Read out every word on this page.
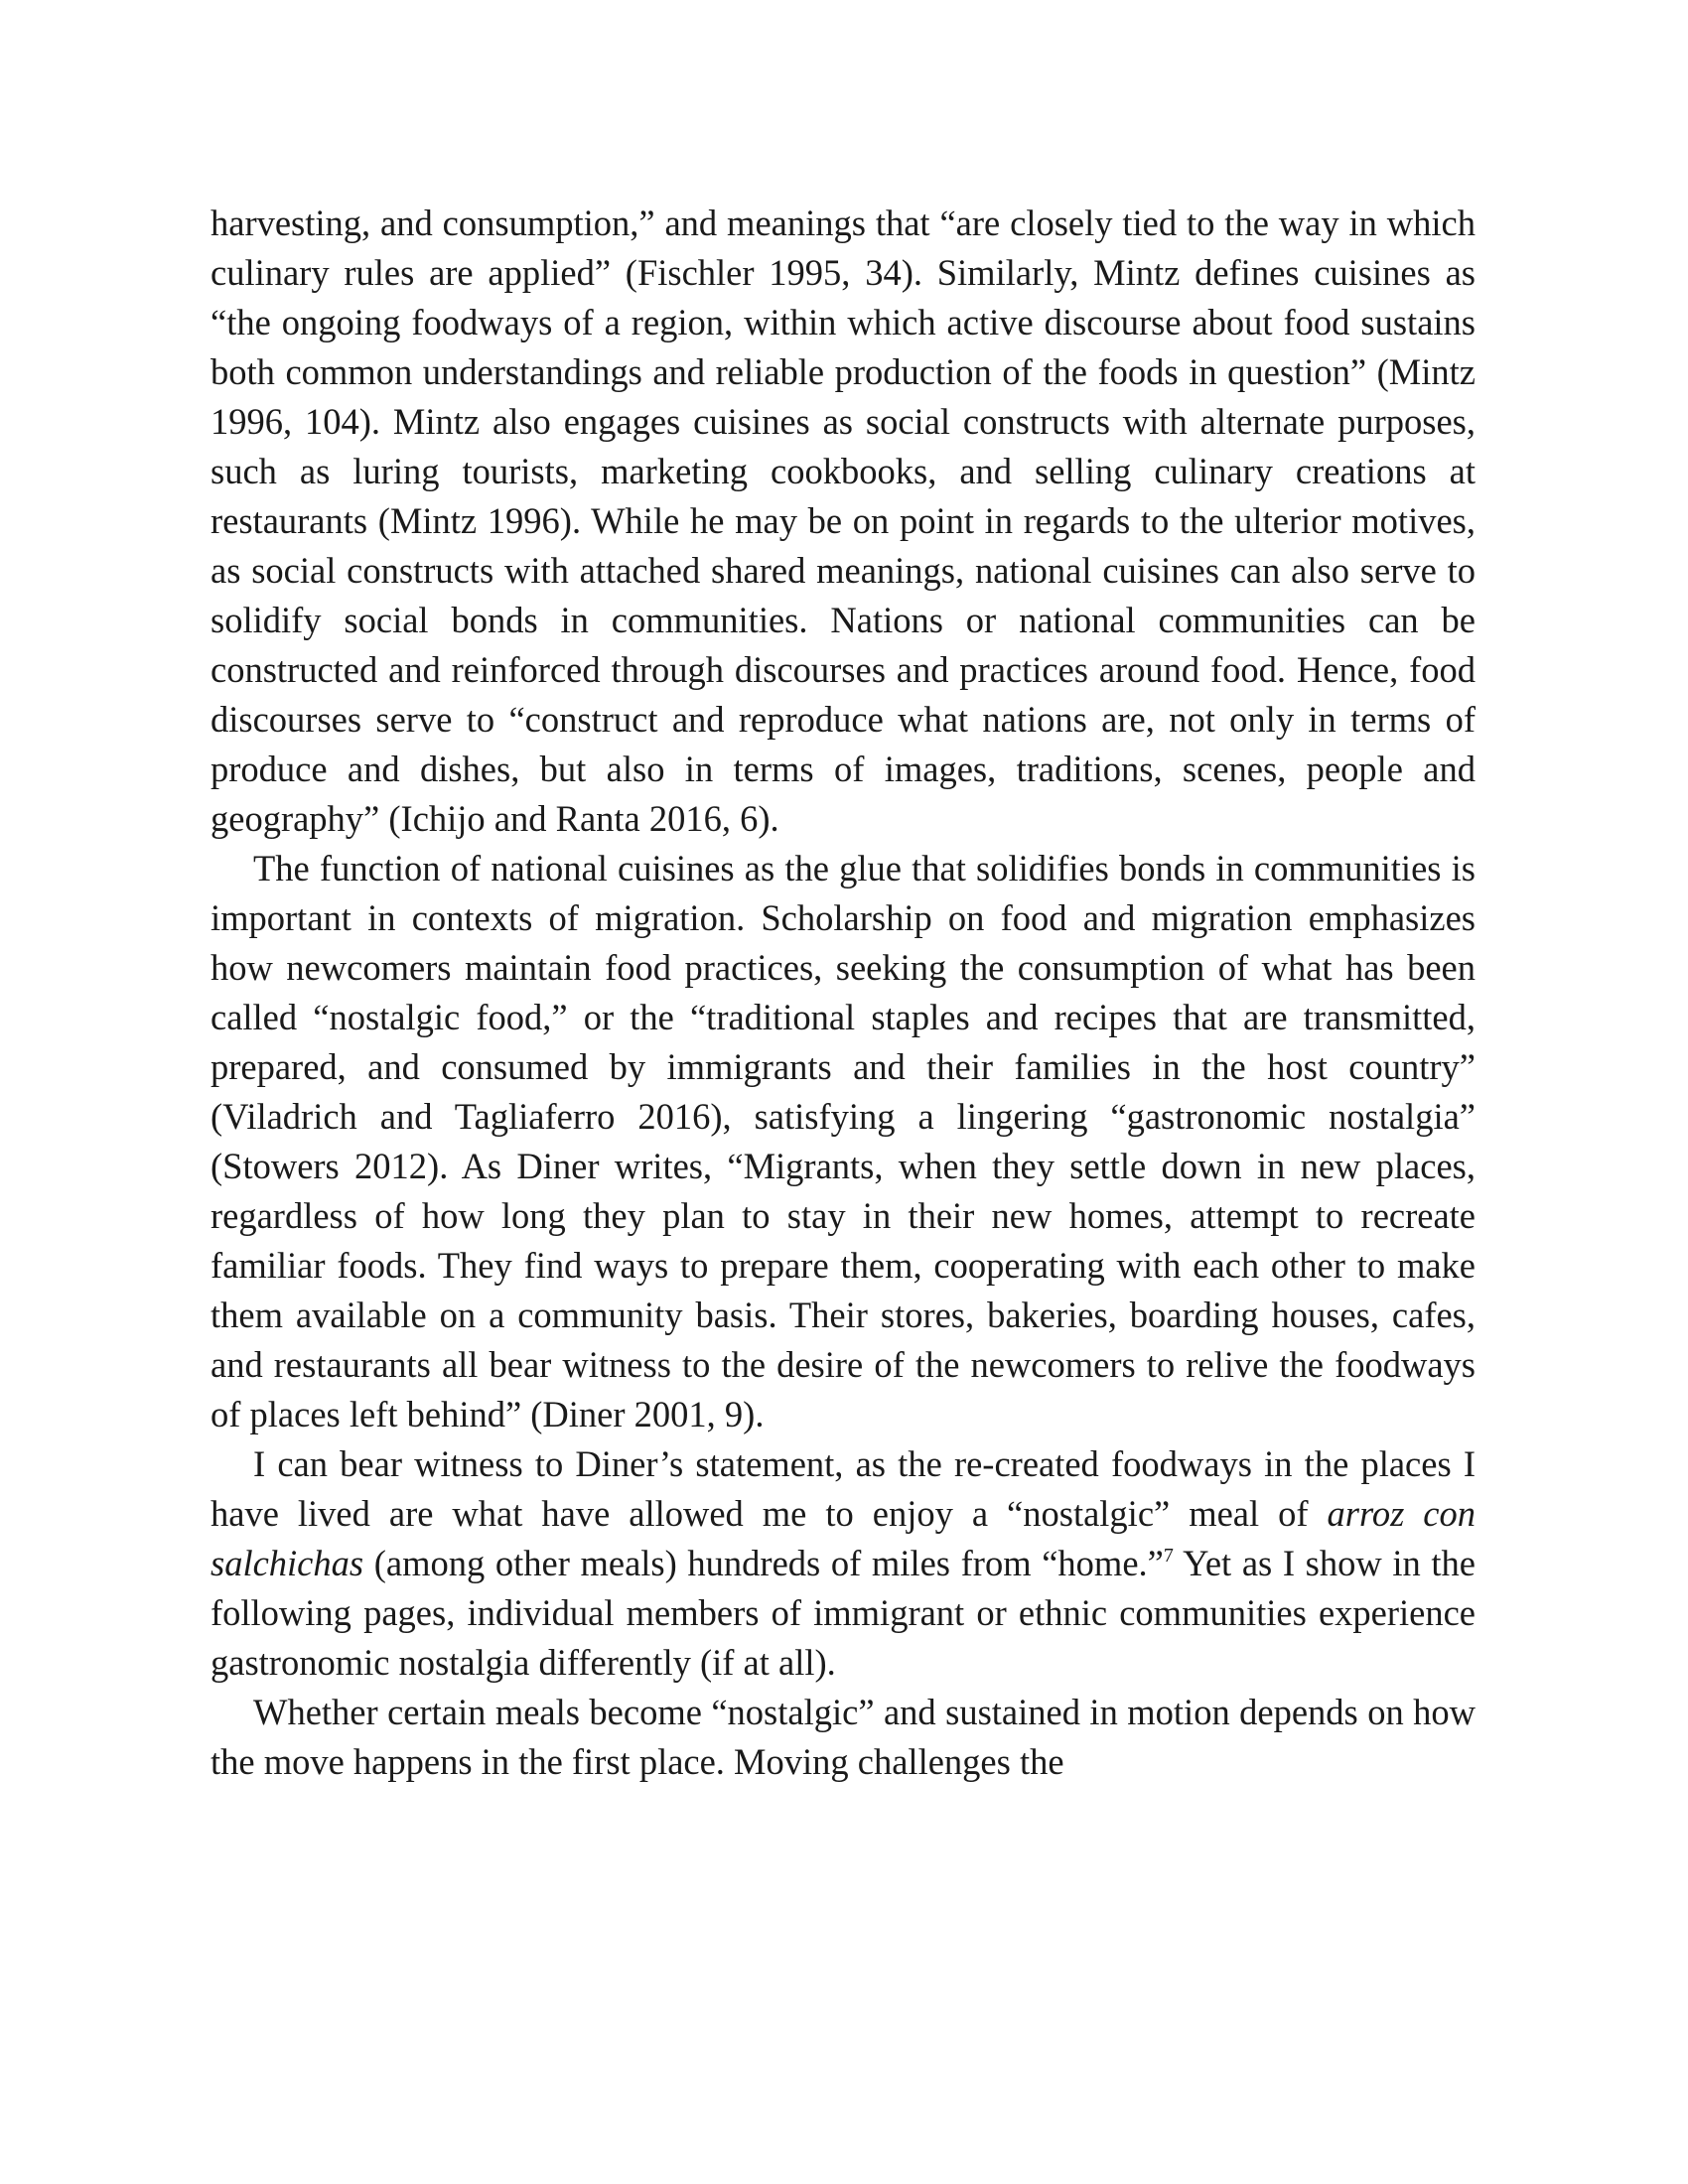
harvesting, and consumption,” and meanings that “are closely tied to the way in which culinary rules are applied” (Fischler 1995, 34). Similarly, Mintz defines cuisines as “the ongoing foodways of a region, within which active discourse about food sustains both common understandings and reliable production of the foods in question” (Mintz 1996, 104). Mintz also engages cuisines as social constructs with alternate purposes, such as luring tourists, marketing cookbooks, and selling culinary creations at restaurants (Mintz 1996). While he may be on point in regards to the ulterior motives, as social constructs with attached shared meanings, national cuisines can also serve to solidify social bonds in communities. Nations or national communities can be constructed and reinforced through discourses and practices around food. Hence, food discourses serve to “construct and reproduce what nations are, not only in terms of produce and dishes, but also in terms of images, traditions, scenes, people and geography” (Ichijo and Ranta 2016, 6).

The function of national cuisines as the glue that solidifies bonds in communities is important in contexts of migration. Scholarship on food and migration emphasizes how newcomers maintain food practices, seeking the consumption of what has been called “nostalgic food,” or the “traditional staples and recipes that are transmitted, prepared, and consumed by immigrants and their families in the host country” (Viladrich and Tagliaferro 2016), satisfying a lingering “gastronomic nostalgia” (Stowers 2012). As Diner writes, “Migrants, when they settle down in new places, regardless of how long they plan to stay in their new homes, attempt to recreate familiar foods. They find ways to prepare them, cooperating with each other to make them available on a community basis. Their stores, bakeries, boarding houses, cafes, and restaurants all bear witness to the desire of the newcomers to relive the foodways of places left behind” (Diner 2001, 9).

I can bear witness to Diner’s statement, as the re-created foodways in the places I have lived are what have allowed me to enjoy a “nostalgic” meal of arroz con salchichas (among other meals) hundreds of miles from “home.”$^7$ Yet as I show in the following pages, individual members of immigrant or ethnic communities experience gastronomic nostalgia differently (if at all).

Whether certain meals become “nostalgic” and sustained in motion depends on how the move happens in the first place. Moving challenges the
